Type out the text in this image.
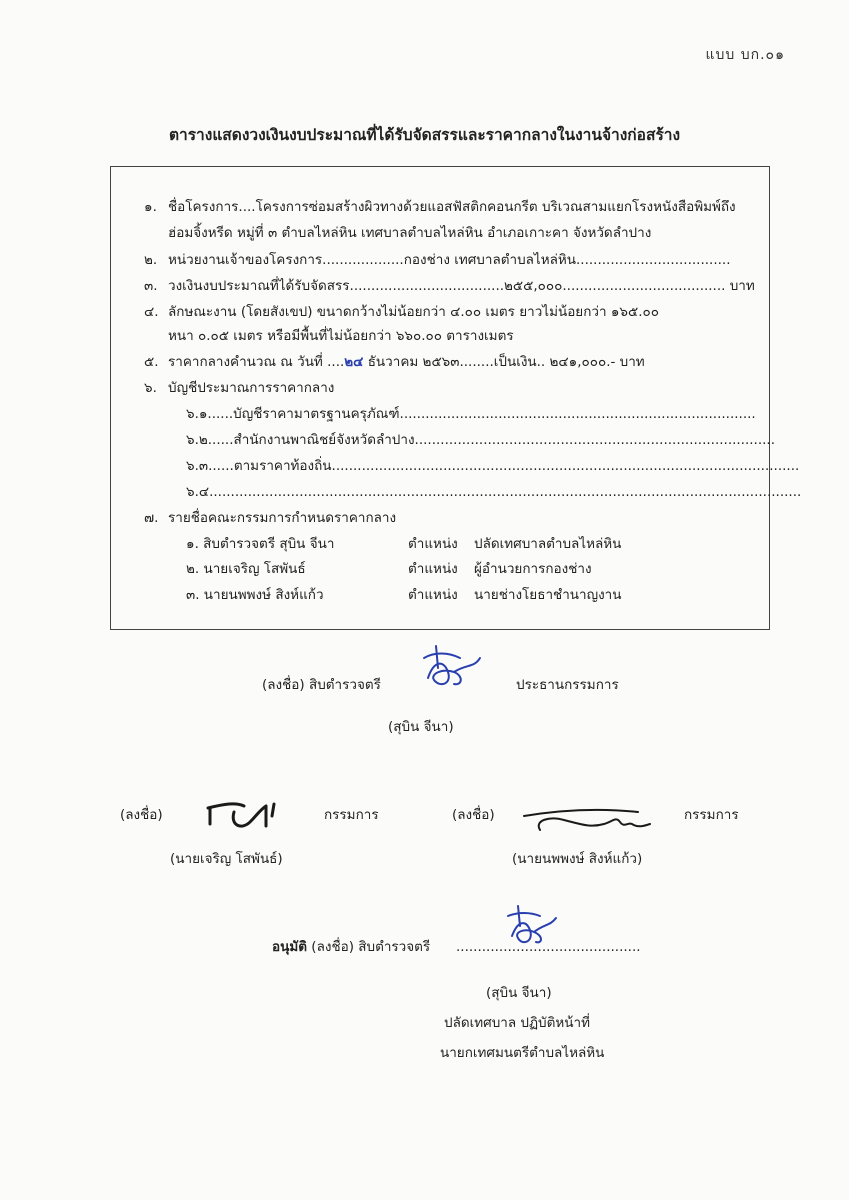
แบบ บก.๐๑
ตารางแสดงวงเงินงบประมาณที่ได้รับจัดสรรและราคากลางในงานจ้างก่อสร้าง
๑. ชื่อโครงการ....โครงการซ่อมสร้างผิวทางด้วยแอสฟัสติกคอนกรีต บริเวณสามแยกโรงหนังสือพิมพ์ถึง
ฮ่อมจิ้งหรีด หมู่ที่ ๓ ตำบลไหล่หิน เทศบาลตำบลไหล่หิน อำเภอเกาะคา จังหวัดลำปาง
๒. หน่วยงานเจ้าของโครงการ...................กองช่าง เทศบาลตำบลไหล่หิน....................................
๓. วงเงินงบประมาณที่ได้รับจัดสรร....................................๒๕๕,๐๐๐...................................... บาท
๔. ลักษณะงาน (โดยสังเขป) ขนาดกว้างไม่น้อยกว่า ๔.๐๐ เมตร ยาวไม่น้อยกว่า ๑๖๕.๐๐
หนา ๐.๐๕ เมตร หรือมีพื้นที่ไม่น้อยกว่า ๖๖๐.๐๐ ตารางเมตร
๕. ราคากลางคำนวณ ณ วันที่ ....๒๔ ธันวาคม ๒๕๖๓........เป็นเงิน.. ๒๔๑,๐๐๐.- บาท
๖. บัญชีประมาณการราคากลาง
๖.๑......บัญชีราคามาตรฐานครุภัณฑ์...................................................................................
๖.๒......สำนักงานพาณิชย์จังหวัดลำปาง....................................................................................
๖.๓......ตามราคาท้องถิ่น.............................................................................................................
๖.๔..........................................................................................................................................
๗. รายชื่อคณะกรรมการกำหนดราคากลาง
๑. สิบตำรวจตรี สุบิน จีนา	ตำแหน่ง ปลัดเทศบาลตำบลไหล่หิน
๒. นายเจริญ โสพันธ์	ตำแหน่ง ผู้อำนวยการกองช่าง
๓. นายนพพงษ์ สิงห์แก้ว	ตำแหน่ง นายช่างโยธาชำนาญงาน
(ลงชื่อ) สิบตำรวจตรี	ประธานกรรมการ
(สุบิน จีนา)
(ลงชื่อ)	กรรมการ
(นายเจริญ โสพันธ์)
(ลงชื่อ)	กรรมการ
(นายนพพงษ์ สิงห์แก้ว)
อนุมัติ (ลงชื่อ) สิบตำรวจตรี ...........................................
(สุบิน จีนา)
ปลัดเทศบาล ปฏิบัติหน้าที่
นายกเทศมนตรีตำบลไหล่หิน
